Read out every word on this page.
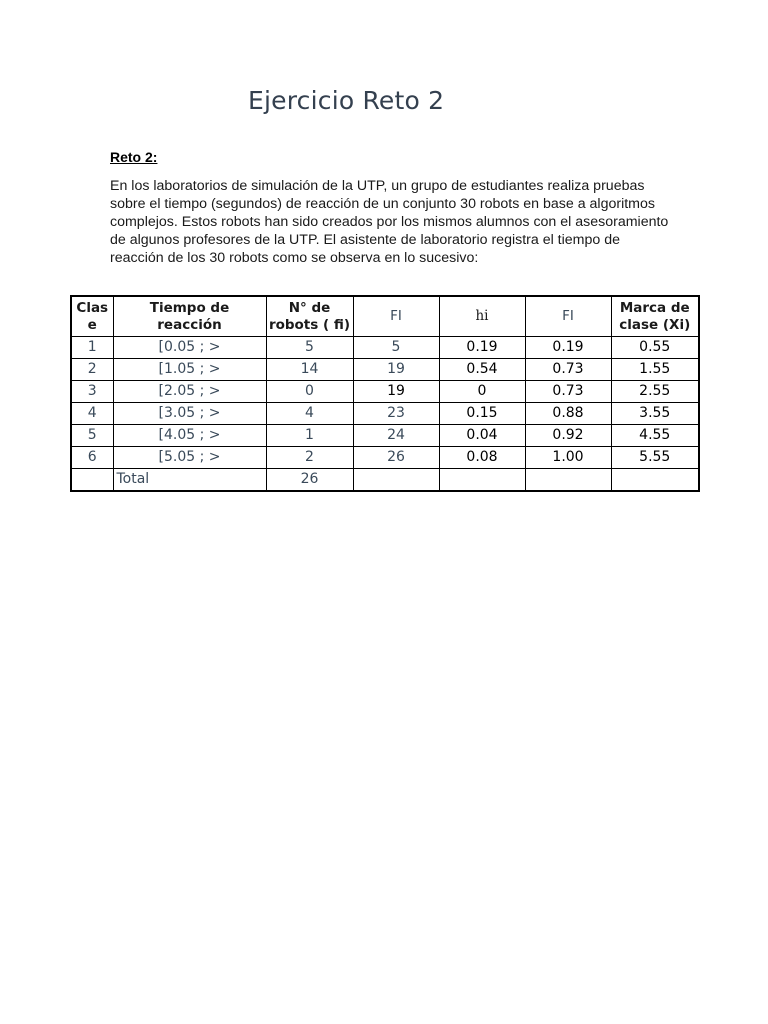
Ejercicio Reto 2
Reto 2:

En los laboratorios de simulación de la UTP, un grupo de estudiantes realiza pruebas sobre el tiempo (segundos) de reacción de un conjunto 30 robots en base a algoritmos complejos. Estos robots han sido creados por los mismos alumnos con el asesoramiento de algunos profesores de la UTP. El asistente de laboratorio registra el tiempo de reacción de los 30 robots como se observa en lo sucesivo:

Clase	Tiempo de reacción	N° de robots ( fi)	FI	hi	FI	Marca de clase (Xi)
1	[0.05 ; >	5	5	0.19	0.19	0.55
2	[1.05 ; >	14	19	0.54	0.73	1.55
3	[2.05 ; >	0	19	0	0.73	2.55
4	[3.05 ; >	4	23	0.15	0.88	3.55
5	[4.05 ; >	1	24	0.04	0.92	4.55
6	[5.05 ; >	2	26	0.08	1.00	5.55
	Total	26				
